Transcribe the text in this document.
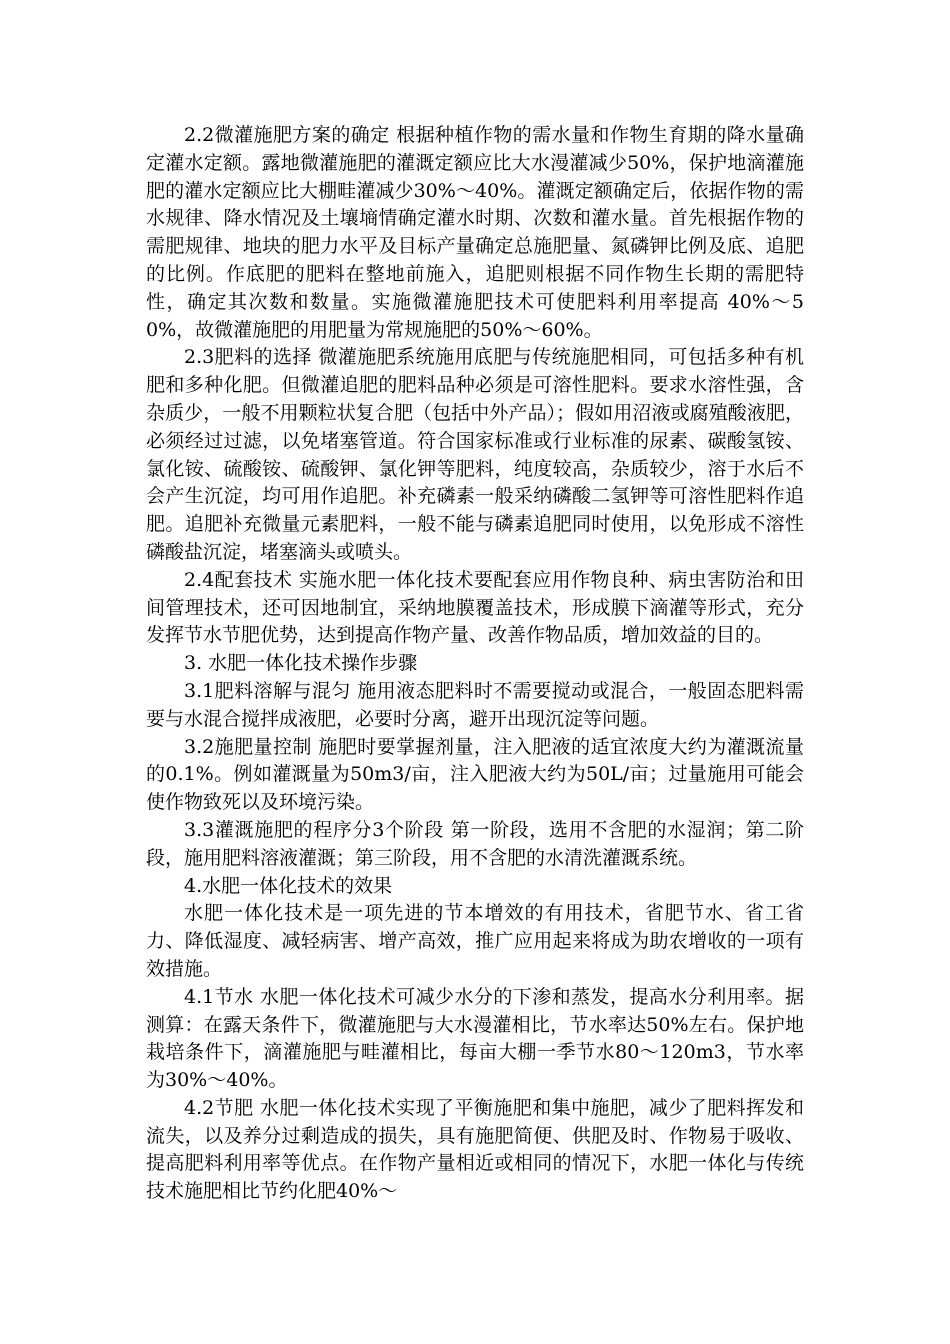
2.2微灌施肥方案的确定 根据种植作物的需水量和作物生育期的降水量确定灌水定额。露地微灌施肥的灌溉定额应比大水漫灌减少50%，保护地滴灌施肥的灌水定额应比大棚畦灌减少30%～40%。灌溉定额确定后，依据作物的需水规律、降水情况及土壤墒情确定灌水时期、次数和灌水量。首先根据作物的需肥规律、地块的肥力水平及目标产量确定总施肥量、氮磷钾比例及底、追肥的比例。作底肥的肥料在整地前施入，追肥则根据不同作物生长期的需肥特性，确定其次数和数量。实施微灌施肥技术可使肥料利用率提高 40%～50%，故微灌施肥的用肥量为常规施肥的50%～60%。

2.3肥料的选择 微灌施肥系统施用底肥与传统施肥相同，可包括多种有机肥和多种化肥。但微灌追肥的肥料品种必须是可溶性肥料。要求水溶性强，含杂质少，一般不用颗粒状复合肥（包括中外产品）；假如用沼液或腐殖酸液肥，必须经过过滤，以免堵塞管道。符合国家标准或行业标准的尿素、碳酸氢铵、氯化铵、硫酸铵、硫酸钾、氯化钾等肥料，纯度较高，杂质较少，溶于水后不会产生沉淀，均可用作追肥。补充磷素一般采纳磷酸二氢钾等可溶性肥料作追肥。追肥补充微量元素肥料，一般不能与磷素追肥同时使用，以免形成不溶性磷酸盐沉淀，堵塞滴头或喷头。

2.4配套技术 实施水肥一体化技术要配套应用作物良种、病虫害防治和田间管理技术，还可因地制宜，采纳地膜覆盖技术，形成膜下滴灌等形式，充分发挥节水节肥优势，达到提高作物产量、改善作物品质，增加效益的目的。

3. 水肥一体化技术操作步骤

3.1肥料溶解与混匀 施用液态肥料时不需要搅动或混合，一般固态肥料需要与水混合搅拌成液肥，必要时分离，避开出现沉淀等问题。

3.2施肥量控制 施肥时要掌握剂量，注入肥液的适宜浓度大约为灌溉流量的0.1%。例如灌溉量为50m3/亩，注入肥液大约为50L/亩；过量施用可能会使作物致死以及环境污染。

3.3灌溉施肥的程序分3个阶段 第一阶段，选用不含肥的水湿润；第二阶段，施用肥料溶液灌溉；第三阶段，用不含肥的水清洗灌溉系统。

4.水肥一体化技术的效果

水肥一体化技术是一项先进的节本增效的有用技术，省肥节水、省工省力、降低湿度、减轻病害、增产高效，推广应用起来将成为助农增收的一项有效措施。

4.1节水 水肥一体化技术可减少水分的下渗和蒸发，提高水分利用率。据测算：在露天条件下，微灌施肥与大水漫灌相比，节水率达50%左右。保护地栽培条件下，滴灌施肥与畦灌相比，每亩大棚一季节水80～120m3，节水率为30%～40%。

4.2节肥 水肥一体化技术实现了平衡施肥和集中施肥，减少了肥料挥发和流失，以及养分过剩造成的损失，具有施肥简便、供肥及时、作物易于吸收、提高肥料利用率等优点。在作物产量相近或相同的情况下，水肥一体化与传统技术施肥相比节约化肥40%～
